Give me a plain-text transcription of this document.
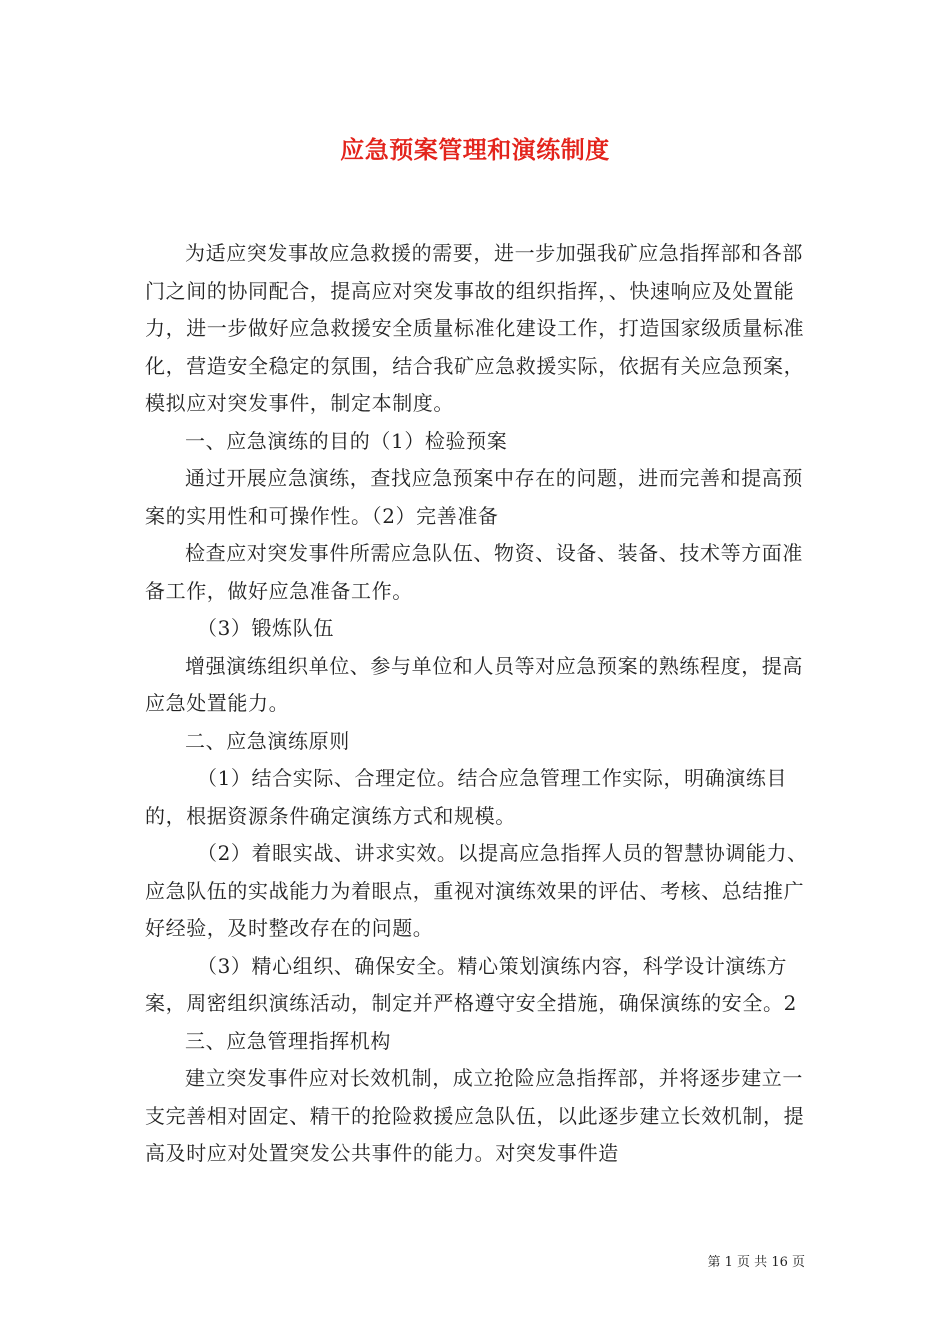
应急预案管理和演练制度

为适应突发事故应急救援的需要，进一步加强我矿应急指挥部和各部门之间的协同配合，提高应对突发事故的组织指挥，、快速响应及处置能力，进一步做好应急救援安全质量标准化建设工作，打造国家级质量标准化，营造安全稳定的氛围，结合我矿应急救援实际，依据有关应急预案，模拟应对突发事件，制定本制度。

一、应急演练的目的（1）检验预案

通过开展应急演练，查找应急预案中存在的问题，进而完善和提高预案的实用性和可操作性。（2）完善准备

检查应对突发事件所需应急队伍、物资、设备、装备、技术等方面准备工作，做好应急准备工作。

（3）锻炼队伍

增强演练组织单位、参与单位和人员等对应急预案的熟练程度，提高应急处置能力。

二、应急演练原则

（1）结合实际、合理定位。结合应急管理工作实际，明确演练目的，根据资源条件确定演练方式和规模。

（2）着眼实战、讲求实效。以提高应急指挥人员的智慧协调能力、应急队伍的实战能力为着眼点，重视对演练效果的评估、考核、总结推广好经验，及时整改存在的问题。

（3）精心组织、确保安全。精心策划演练内容，科学设计演练方案，周密组织演练活动，制定并严格遵守安全措施，确保演练的安全。2

三、应急管理指挥机构

建立突发事件应对长效机制，成立抢险应急指挥部，并将逐步建立一支完善相对固定、精干的抢险救援应急队伍，以此逐步建立长效机制，提高及时应对处置突发公共事件的能力。对突发事件造

第 1 页 共 16 页
